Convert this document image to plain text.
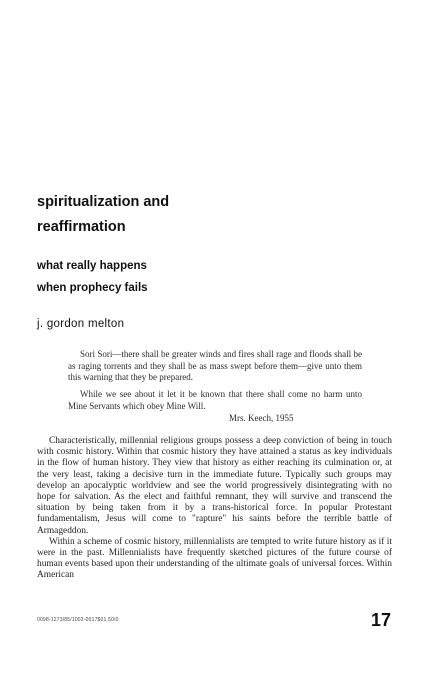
spiritualization and
reaffirmation
what really happens
when prophecy fails
j. gordon melton

Sori Sori—there shall be greater winds and fires shall rage and floods shall be as raging torrents and they shall be as mass swept before them—give unto them this warning that they be prepared.

While we see about it let it be known that there shall come no harm unto Mine Servants which obey Mine Will.

Mrs. Keech, 1955

Characteristically, millennial religious groups possess a deep conviction of being in touch with cosmic history. Within that cosmic history they have attained a status as key individuals in the flow of human history. They view that history as either reaching its culmination or, at the very least, taking a decisive turn in the immediate future. Typically such groups may develop an apocalyptic worldview and see the world progressively disintegrating with no hope for salvation. As the elect and faithful remnant, they will survive and transcend the situation by being taken from it by a trans-historical force. In popular Protestant fundamentalism, Jesus will come to "rapture" his saints before the terrible battle of Armageddon.

Within a scheme of cosmic history, millennialists are tempted to write future history as if it were in the past. Millennialists have frequently sketched pictures of the future course of human events based upon their understanding of the ultimate goals of universal forces. Within American

0098-1273/85/1002-0017$01.50/0	17
